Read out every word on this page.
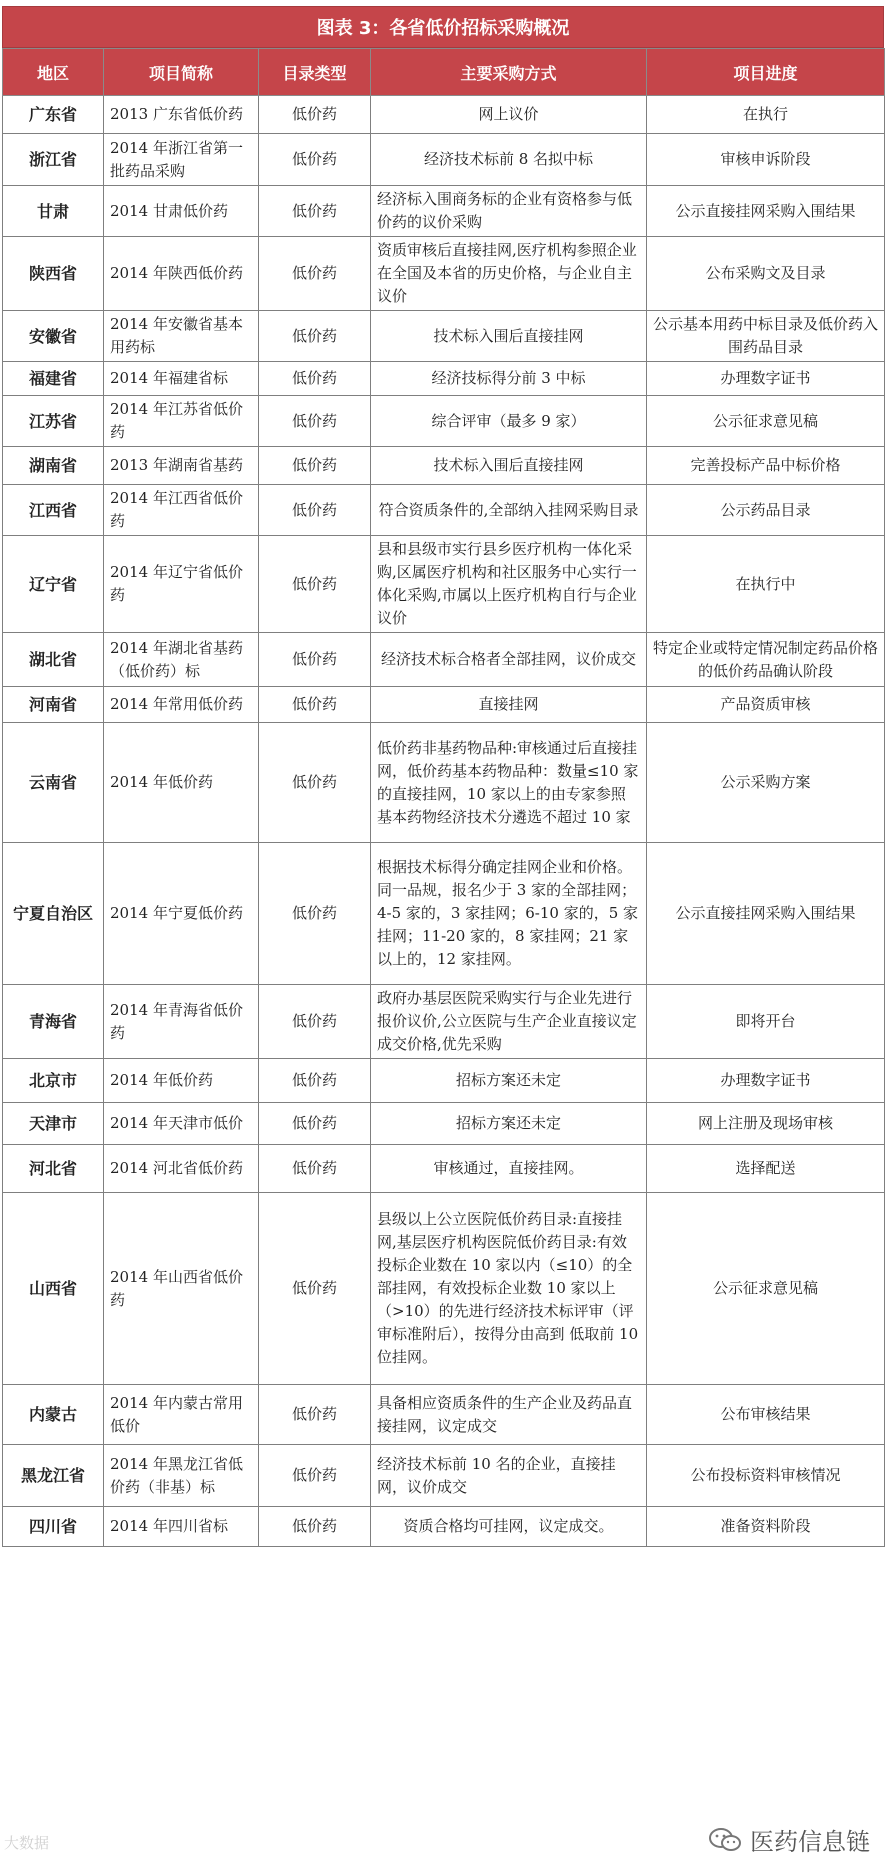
图表 3：各省低价招标采购概况
地区	项目简称	目录类型	主要采购方式	项目进度
广东省	2013 广东省低价药	低价药	网上议价	在执行
浙江省	2014 年浙江省第一批药品采购	低价药	经济技术标前 8 名拟中标	审核申诉阶段
甘肃	2014 甘肃低价药	低价药	经济标入围商务标的企业有资格参与低价药的议价采购	公示直接挂网采购入围结果
陕西省	2014 年陕西低价药	低价药	资质审核后直接挂网,医疗机构参照企业在全国及本省的历史价格，与企业自主议价	公布采购文及目录
安徽省	2014 年安徽省基本用药标	低价药	技术标入围后直接挂网	公示基本用药中标目录及低价药入围药品目录
福建省	2014 年福建省标	低价药	经济技标得分前 3 中标	办理数字证书
江苏省	2014 年江苏省低价药	低价药	综合评审（最多 9 家）	公示征求意见稿
湖南省	2013 年湖南省基药	低价药	技术标入围后直接挂网	完善投标产品中标价格
江西省	2014 年江西省低价药	低价药	符合资质条件的,全部纳入挂网采购目录	公示药品目录
辽宁省	2014 年辽宁省低价药	低价药	县和县级市实行县乡医疗机构一体化采购,区属医疗机构和社区服务中心实行一体化采购,市属以上医疗机构自行与企业议价	在执行中
湖北省	2014 年湖北省基药（低价药）标	低价药	经济技术标合格者全部挂网，议价成交	特定企业或特定情况制定药品价格的低价药品确认阶段
河南省	2014 年常用低价药	低价药	直接挂网	产品资质审核
云南省	2014 年低价药	低价药	低价药非基药物品种:审核通过后直接挂网，低价药基本药物品种：数量≤10 家的直接挂网，10 家以上的由专家参照基本药物经济技术分遴选不超过 10 家	公示采购方案
宁夏自治区	2014 年宁夏低价药	低价药	根据技术标得分确定挂网企业和价格。同一品规，报名少于 3 家的全部挂网；4-5 家的，3 家挂网；6-10 家的，5 家挂网；11-20 家的，8 家挂网；21 家以上的，12 家挂网。	公示直接挂网采购入围结果
青海省	2014 年青海省低价药	低价药	政府办基层医院采购实行与企业先进行报价议价,公立医院与生产企业直接议定成交价格,优先采购	即将开台
北京市	2014 年低价药	低价药	招标方案还未定	办理数字证书
天津市	2014 年天津市低价	低价药	招标方案还未定	网上注册及现场审核
河北省	2014 河北省低价药	低价药	审核通过，直接挂网。	选择配送
山西省	2014 年山西省低价药	低价药	县级以上公立医院低价药目录:直接挂网,基层医疗机构医院低价药目录:有效投标企业数在 10 家以内（≤10）的全部挂网，有效投标企业数 10 家以上（>10）的先进行经济技术标评审（评审标准附后），按得分由高到 低取前 10 位挂网。	公示征求意见稿
内蒙古	2014 年内蒙古常用低价	低价药	具备相应资质条件的生产企业及药品直接挂网，议定成交	公布审核结果
黑龙江省	2014 年黑龙江省低价药（非基）标	低价药	经济技术标前 10 名的企业，直接挂网，议价成交	公布投标资料审核情况
四川省	2014 年四川省标	低价药	资质合格均可挂网，议定成交。	准备资料阶段
大数据	医药信息链
